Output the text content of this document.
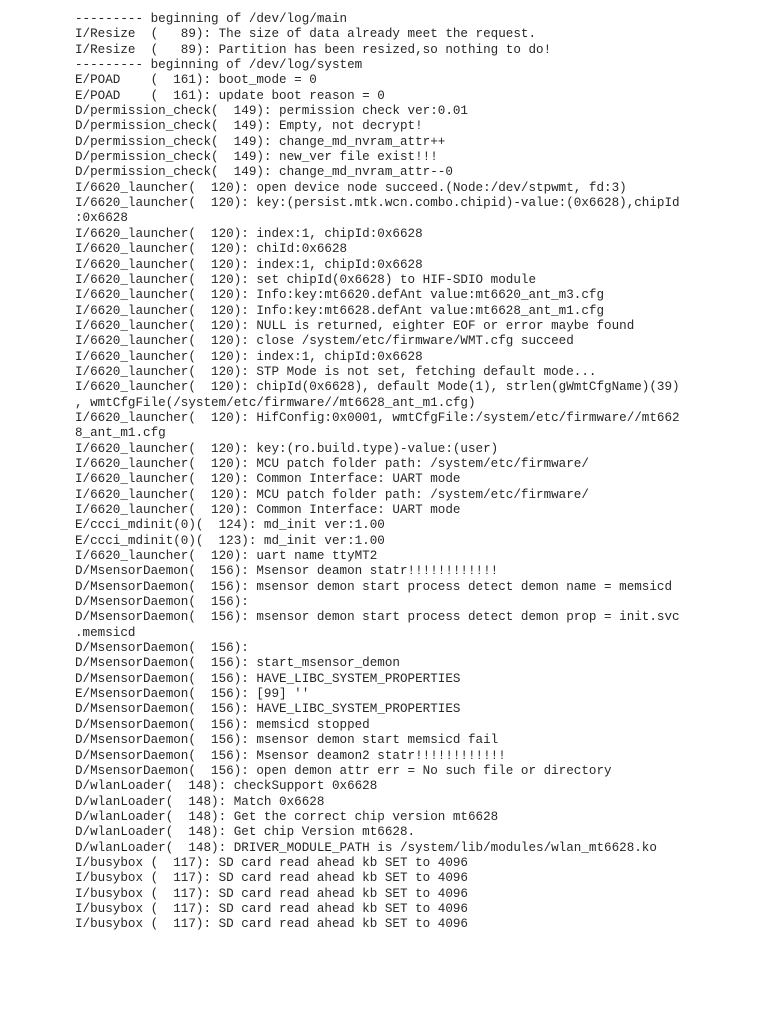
--------- beginning of /dev/log/main
I/Resize  (   89): The size of data already meet the request.
I/Resize  (   89): Partition has been resized,so nothing to do!
--------- beginning of /dev/log/system
E/POAD    (  161): boot_mode = 0
E/POAD    (  161): update boot reason = 0
D/permission_check(  149): permission check ver:0.01
D/permission_check(  149): Empty, not decrypt!
D/permission_check(  149): change_md_nvram_attr++
D/permission_check(  149): new_ver file exist!!!
D/permission_check(  149): change_md_nvram_attr--0
I/6620_launcher(  120): open device node succeed.(Node:/dev/stpwmt, fd:3)
I/6620_launcher(  120): key:(persist.mtk.wcn.combo.chipid)-value:(0x6628),chipId
:0x6628
I/6620_launcher(  120): index:1, chipId:0x6628
I/6620_launcher(  120): chiId:0x6628
I/6620_launcher(  120): index:1, chipId:0x6628
I/6620_launcher(  120): set chipId(0x6628) to HIF-SDIO module
I/6620_launcher(  120): Info:key:mt6620.defAnt value:mt6620_ant_m3.cfg
I/6620_launcher(  120): Info:key:mt6628.defAnt value:mt6628_ant_m1.cfg
I/6620_launcher(  120): NULL is returned, eighter EOF or error maybe found
I/6620_launcher(  120): close /system/etc/firmware/WMT.cfg succeed
I/6620_launcher(  120): index:1, chipId:0x6628
I/6620_launcher(  120): STP Mode is not set, fetching default mode...
I/6620_launcher(  120): chipId(0x6628), default Mode(1), strlen(gWmtCfgName)(39)
, wmtCfgFile(/system/etc/firmware//mt6628_ant_m1.cfg)
I/6620_launcher(  120): HifConfig:0x0001, wmtCfgFile:/system/etc/firmware//mt662
8_ant_m1.cfg
I/6620_launcher(  120): key:(ro.build.type)-value:(user)
I/6620_launcher(  120): MCU patch folder path: /system/etc/firmware/
I/6620_launcher(  120): Common Interface: UART mode
I/6620_launcher(  120): MCU patch folder path: /system/etc/firmware/
I/6620_launcher(  120): Common Interface: UART mode
E/ccci_mdinit(0)(  124): md_init ver:1.00
E/ccci_mdinit(0)(  123): md_init ver:1.00
I/6620_launcher(  120): uart name ttyMT2
D/MsensorDaemon(  156): Msensor deamon statr!!!!!!!!!!!!
D/MsensorDaemon(  156): msensor demon start process detect demon name = memsicd
D/MsensorDaemon(  156):
D/MsensorDaemon(  156): msensor demon start process detect demon prop = init.svc
.memsicd
D/MsensorDaemon(  156):
D/MsensorDaemon(  156): start_msensor_demon
D/MsensorDaemon(  156): HAVE_LIBC_SYSTEM_PROPERTIES
E/MsensorDaemon(  156): [99] ''
D/MsensorDaemon(  156): HAVE_LIBC_SYSTEM_PROPERTIES
D/MsensorDaemon(  156): memsicd stopped
D/MsensorDaemon(  156): msensor demon start memsicd fail
D/MsensorDaemon(  156): Msensor deamon2 statr!!!!!!!!!!!!
D/MsensorDaemon(  156): open demon attr err = No such file or directory
D/wlanLoader(  148): checkSupport 0x6628
D/wlanLoader(  148): Match 0x6628
D/wlanLoader(  148): Get the correct chip version mt6628
D/wlanLoader(  148): Get chip Version mt6628.
D/wlanLoader(  148): DRIVER_MODULE_PATH is /system/lib/modules/wlan_mt6628.ko
I/busybox (  117): SD card read ahead kb SET to 4096
I/busybox (  117): SD card read ahead kb SET to 4096
I/busybox (  117): SD card read ahead kb SET to 4096
I/busybox (  117): SD card read ahead kb SET to 4096
I/busybox (  117): SD card read ahead kb SET to 4096
